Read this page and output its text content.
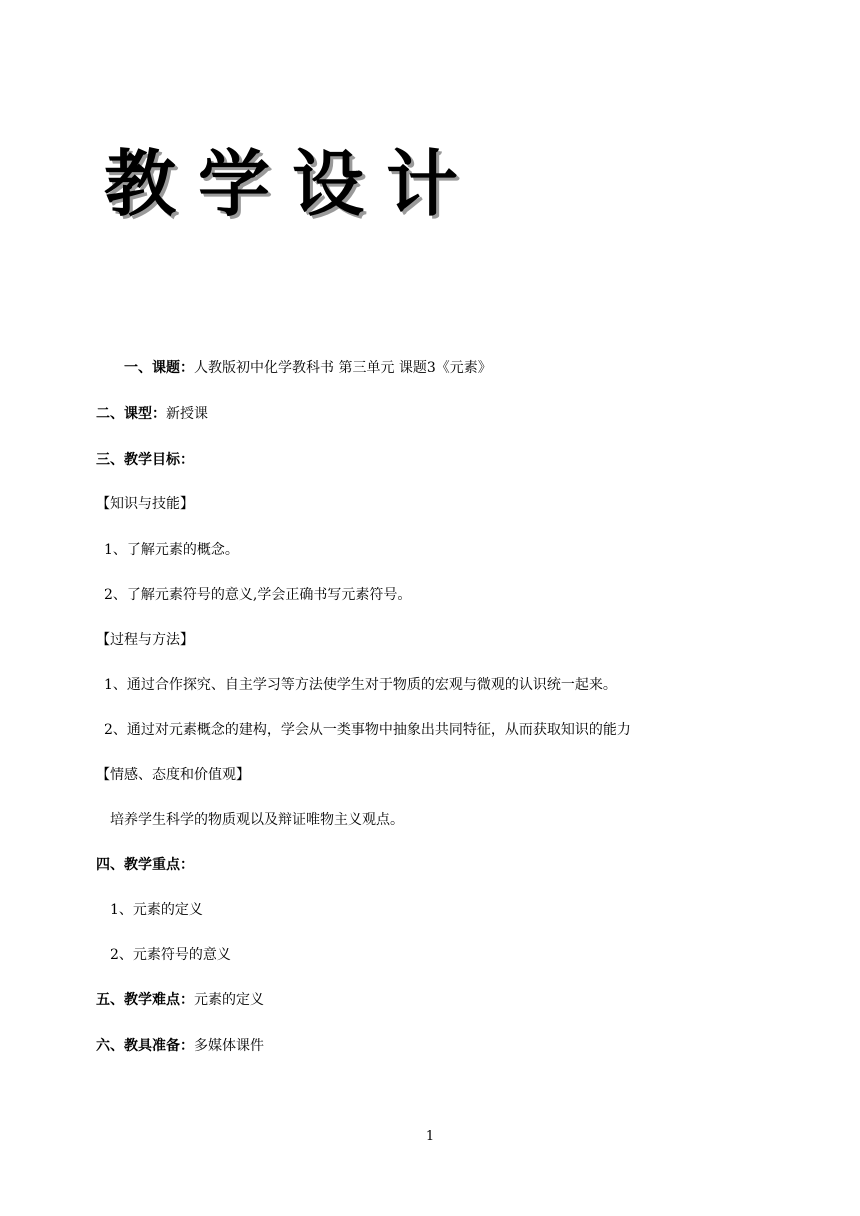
教学设计
一、课题：人教版初中化学教科书 第三单元 课题3《元素》
二、课型：新授课
三、教学目标：
【知识与技能】
1、了解元素的概念。
2、了解元素符号的意义,学会正确书写元素符号。
【过程与方法】
1、通过合作探究、自主学习等方法使学生对于物质的宏观与微观的认识统一起来。
2、通过对元素概念的建构，学会从一类事物中抽象出共同特征，从而获取知识的能力
【情感、态度和价值观】
培养学生科学的物质观以及辩证唯物主义观点。
四、教学重点：
1、元素的定义
2、元素符号的意义
五、教学难点：元素的定义
六、教具准备：多媒体课件
1
